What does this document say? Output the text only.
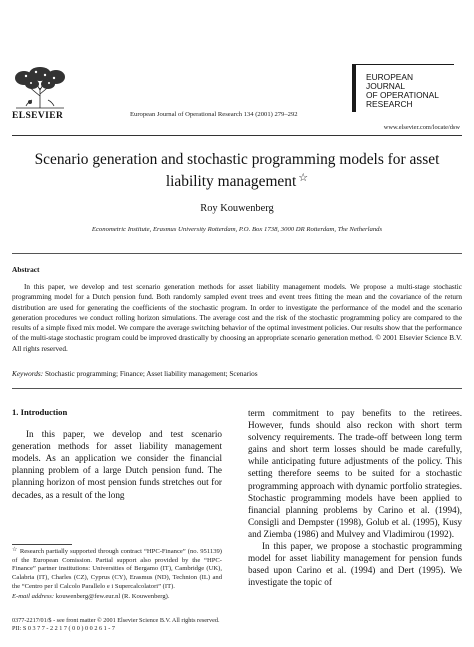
ELSEVIER	European Journal of Operational Research 134 (2001) 279–292
EUROPEAN
JOURNAL
OF OPERATIONAL
RESEARCH
www.elsevier.com/locate/dsw
Scenario generation and stochastic programming models for asset
liability management ☆
Roy Kouwenberg
Econometric Institute, Erasmus University Rotterdam, P.O. Box 1738, 3000 DR Rotterdam, The Netherlands
Abstract
In this paper, we develop and test scenario generation methods for asset liability management models. We propose a multi-stage stochastic programming model for a Dutch pension fund. Both randomly sampled event trees and event trees fitting the mean and the covariance of the return distribution are used for generating the coefficients of the stochastic program. In order to investigate the performance of the model and the scenario generation procedures we conduct rolling horizon simulations. The average cost and the risk of the stochastic programming policy are compared to the results of a simple fixed mix model. We compare the average switching behavior of the optimal investment policies. Our results show that the performance of the multi-stage stochastic program could be improved drastically by choosing an appropriate scenario generation method. © 2001 Elsevier Science B.V. All rights reserved.
Keywords: Stochastic programming; Finance; Asset liability management; Scenarios
1. Introduction

In this paper, we develop and test scenario generation methods for asset liability management models. As an application we consider the financial planning problem of a large Dutch pension fund. The planning horizon of most pension funds stretches out for decades, as a result of the long

term commitment to pay benefits to the retirees. However, funds should also reckon with short term solvency requirements. The trade-off between long term gains and short term losses should be made carefully, while anticipating future adjustments of the policy. This setting therefore seems to be suited for a stochastic programming approach with dynamic portfolio strategies. Stochastic programming models have been applied to financial planning problems by Carino et al. (1994), Consigli and Dempster (1998), Golub et al. (1995), Kusy and Ziemba (1986) and Mulvey and Vladimirou (1992).

In this paper, we propose a stochastic programming model for asset liability management for pension funds based upon Carino et al. (1994) and Dert (1995). We investigate the topic of

☆ Research partially supported through contract “HPC-Finance” (no. 951139) of the European Comission. Partial support also provided by the “HPC-Finance” partner institutions: Universities of Bergamo (IT), Cambridge (UK), Calabria (IT), Charles (CZ), Cyprus (CY), Erasmus (ND), Technion (IL) and the “Centro per il Calcolo Parallelo e i Supercalcolatori” (IT).
E-mail address: kouwenberg@few.eur.nl (R. Kouwenberg).
0377-2217/01/$ - see front matter © 2001 Elsevier Science B.V. All rights reserved.
PII: S 0 3 7 7 - 2 2 1 7 ( 0 0 ) 0 0 2 6 1 - 7
